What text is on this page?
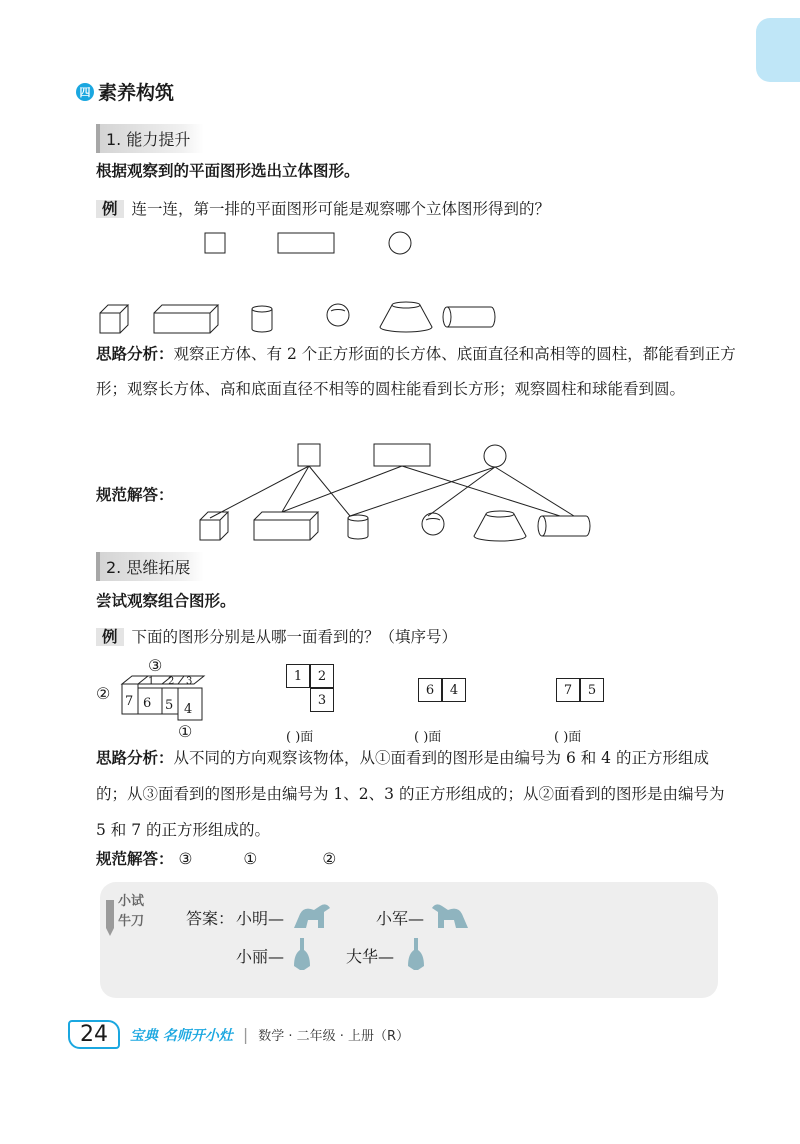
四 素养构筑
1. 能力提升
根据观察到的平面图形选出立体图形。
例 连一连，第一排的平面图形可能是观察哪个立体图形得到的？
思路分析：观察正方体、有 2 个正方形面的长方体、底面直径和高相等的圆柱，都能看到正方形；观察长方体、高和底面直径不相等的圆柱能看到长方形；观察圆柱和球能看到圆。
规范解答：
2. 思维拓展
尝试观察组合图形。
例 下面的图形分别是从哪一面看到的？（填序号）
③
②
①
1 2 3
7 6 5 4
1	2
3
( )面
6	4
( )面
7	5
( )面
思路分析：从不同的方向观察该物体，从①面看到的图形是由编号为 6 和 4 的正方形组成的；从③面看到的图形是由编号为 1、2、3 的正方形组成的；从②面看到的图形是由编号为 5 和 7 的正方形组成的。
规范解答： ③	①	②
小试
牛刀	答案： 小明—	小军—
小丽—	大华—
24	宝典 名师开小灶 | 数学 · 二年级 · 上册（R）
